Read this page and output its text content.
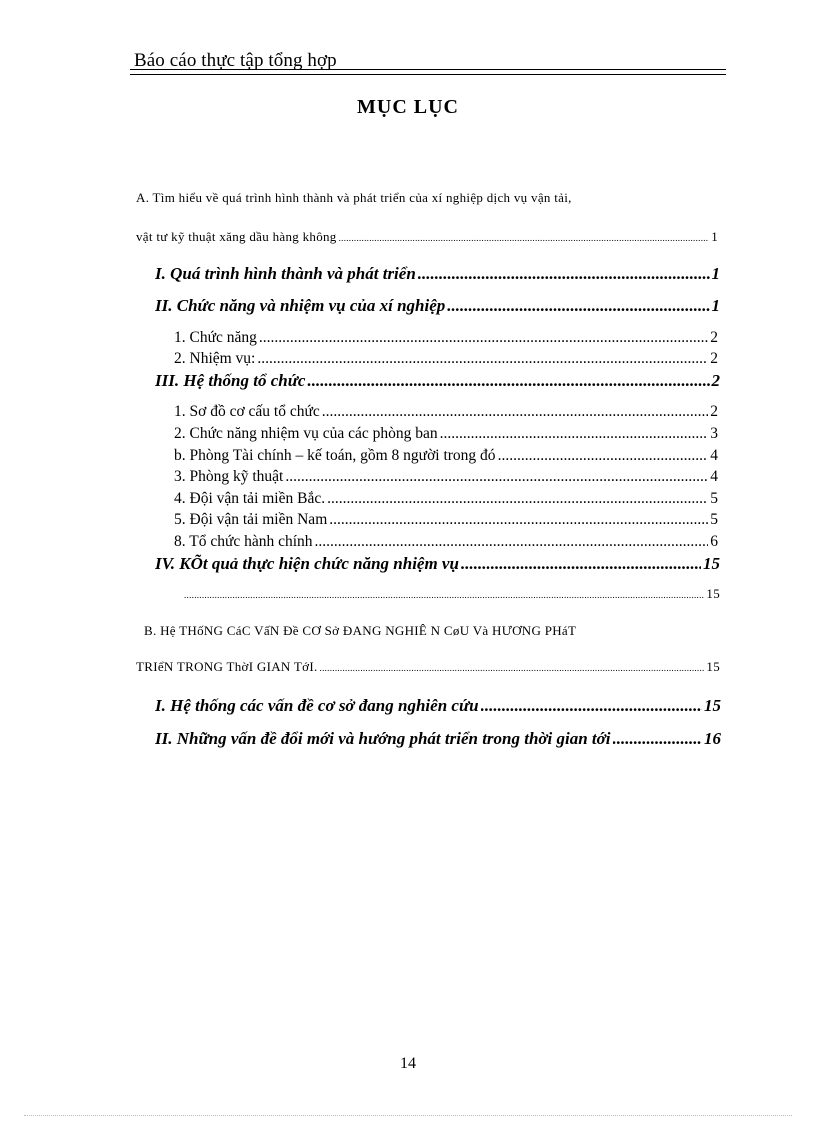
Báo cáo thực tập tổng hợp
MỤC LỤC
A. Tìm hiểu về quá trình hình thành và phát triển của xí nghiệp dịch vụ vận tải,
vật tư kỹ thuật xăng dầu hàng không .....	1
I. Quá trình hình thành và phát triển .....	1
II. Chức năng và nhiệm vụ của xí nghiệp .....	1
1. Chức năng .....	2
2. Nhiệm vụ: .....	2
III. Hệ thống tổ chức .....	2
1. Sơ đồ cơ cấu tổ chức .....	2
2. Chức năng nhiệm vụ của các phòng ban .....	3
b. Phòng Tài chính – kế toán, gồm 8 người trong đó .....	4
3. Phòng kỹ thuật .....	4
4. Đội vận tải miền Bắc. .....	5
5. Đội vận tải miền Nam .....	5
8. Tổ chức hành chính .....	6
IV. KÕt quả thực hiện chức năng nhiệm vụ .....	15
.....
15
B. Hệ THốNG CáC VấN Đề CƠ Sở ĐANG NGHIÊ N CøU Và HƯƠNG PHáT
TRIểN TRONG ThờI GIAN TớI. .....	15
I. Hệ thống các vấn đề cơ sở đang nghiên cứu .....	15
II. Những vấn đề đổi mới và hướng phát triển trong thời gian tới .....	16
14
